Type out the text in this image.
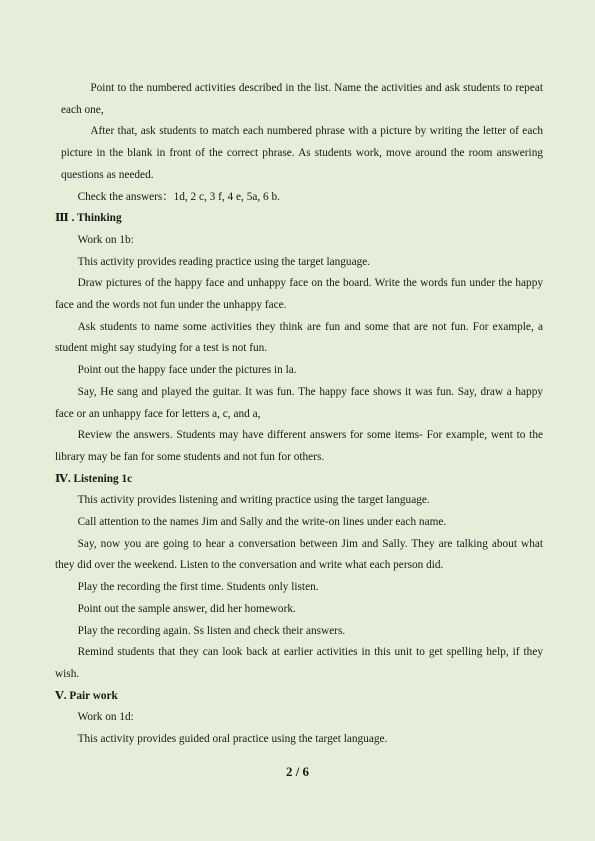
Point to the numbered activities described in the list. Name the activities and ask students to repeat each one,

After that, ask students to match each numbered phrase with a picture by writing the letter of each picture in the blank in front of the correct phrase. As students work, move around the room answering questions as needed.

Check the answers：1d, 2 c, 3 f, 4 e, 5a, 6 b.

Ⅲ . Thinking

Work on 1b:

This activity provides reading practice using the target language.

Draw pictures of the happy face and unhappy face on the board. Write the words fun under the happy face and the words not fun under the unhappy face.

Ask students to name some activities they think are fun and some that are not fun. For example, a student might say studying for a test is not fun.

Point out the happy face under the pictures in la.

Say, He sang and played the guitar. It was fun. The happy face shows it was fun. Say, draw a happy face or an unhappy face for letters a, c, and a,

Review the answers. Students may have different answers for some items- For example, went to the library may be fan for some students and not fun for others.

Ⅳ. Listening 1c

This activity provides listening and writing practice using the target language.

Call attention to the names Jim and Sally and the write-on lines under each name.

Say, now you are going to hear a conversation between Jim and Sally. They are talking about what they did over the weekend. Listen to the conversation and write what each person did.

Play the recording the first time. Students only listen.

Point out the sample answer, did her homework.

Play the recording again. Ss listen and check their answers.

Remind students that they can look back at earlier activities in this unit to get spelling help, if they wish.

Ⅴ. Pair work

Work on 1d:

This activity provides guided oral practice using the target language.

2 / 6
